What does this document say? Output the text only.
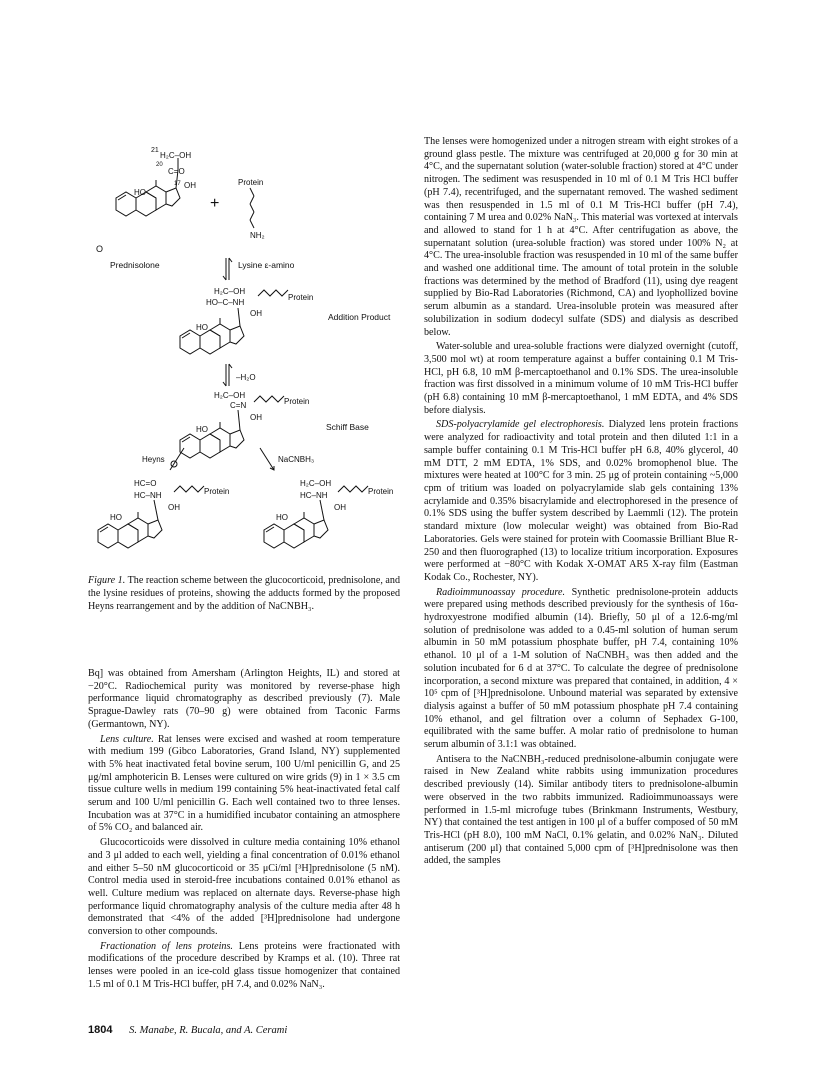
O
21
H₂C–OH
20
C=O
OH
17
HO
+
Protein
NH₂
Prednisolone	Lysine ε-amino
H₂C–OH
HO–C–NH
Protein
OH
HO
Addition Product
–H₂O
H₂C–OH
C=N	Protein
OH
HO	Schiff Base
Heyns	NaCNBH₃
HC=O
HC–NH	Protein
OH
HO
H₂C–OH
HC–NH	Protein
OH
HO
Figure 1. The reaction scheme between the glucocorticoid, prednisolone, and the lysine residues of proteins, showing the adducts formed by the proposed Heyns rearrangement and by the addition of NaCNBH₃.

Bq] was obtained from Amersham (Arlington Heights, IL) and stored at −20°C. Radiochemical purity was monitored by reverse-phase high performance liquid chromatography as described previously (7). Male Sprague-Dawley rats (70–90 g) were obtained from Taconic Farms (Germantown, NY).

Lens culture. Rat lenses were excised and washed at room temperature with medium 199 (Gibco Laboratories, Grand Island, NY) supplemented with 5% heat inactivated fetal bovine serum, 100 U/ml penicillin G, and 25 μg/ml amphotericin B. Lenses were cultured on wire grids (9) in 1 × 3.5 cm tissue culture wells in medium 199 containing 5% heat-inactivated fetal calf serum and 100 U/ml penicillin G. Each well contained two to three lenses. Incubation was at 37°C in a humidified incubator containing an atmosphere of 5% CO₂ and balanced air.

Glucocorticoids were dissolved in culture media containing 10% ethanol and 3 μl added to each well, yielding a final concentration of 0.01% ethanol and either 5–50 nM glucocorticoid or 35 μCi/ml [³H]prednisolone (5 nM). Control media used in steroid-free incubations contained 0.01% ethanol as well. Culture medium was replaced on alternate days. Reverse-phase high performance liquid chromatography analysis of the culture media after 48 h demonstrated that <4% of the added [³H]prednisolone had undergone conversion to other compounds.

Fractionation of lens proteins. Lens proteins were fractionated with modifications of the procedure described by Kramps et al. (10). Three rat lenses were pooled in an ice-cold glass tissue homogenizer that contained 1.5 ml of 0.1 M Tris-HCl buffer, pH 7.4, and 0.02% NaN₃.

The lenses were homogenized under a nitrogen stream with eight strokes of a ground glass pestle. The mixture was centrifuged at 20,000 g for 30 min at 4°C, and the supernatant solution (water-soluble fraction) stored at 4°C under nitrogen. The sediment was resuspended in 10 ml of 0.1 M Tris HCl buffer (pH 7.4), recentrifuged, and the supernatant removed. The washed sediment was then resuspended in 1.5 ml of 0.1 M Tris-HCl buffer (pH 7.4), containing 7 M urea and 0.02% NaN₃. This material was vortexed at intervals and allowed to stand for 1 h at 4°C. After centrifugation as above, the supernatant solution (urea-soluble fraction) was stored under 100% N₂ at 4°C. The urea-insoluble fraction was resuspended in 10 ml of the same buffer and washed one additional time. The amount of total protein in the soluble fractions was determined by the method of Bradford (11), using dye reagent supplied by Bio-Rad Laboratories (Richmond, CA) and lyophollized bovine serum albumin as a standard. Urea-insoluble protein was measured after solubilization in sodium dodecyl sulfate (SDS) and dialysis as described below.

Water-soluble and urea-soluble fractions were dialyzed overnight (cutoff, 3,500 mol wt) at room temperature against a buffer containing 0.1 M Tris-HCl, pH 6.8, 10 mM β-mercaptoethanol and 0.1% SDS. The urea-insoluble fraction was first dissolved in a minimum volume of 10 mM Tris-HCl buffer (pH 6.8) containing 10 mM β-mercaptoethanol, 1 mM EDTA, and 4% SDS before dialysis.

SDS-polyacrylamide gel electrophoresis. Dialyzed lens protein fractions were analyzed for radioactivity and total protein and then diluted 1:1 in a sample buffer containing 0.1 M Tris-HCl buffer pH 6.8, 40% glycerol, 40 mM DTT, 2 mM EDTA, 1% SDS, and 0.02% bromophenol blue. The mixtures were heated at 100°C for 3 min. 25 μg of protein containing ~5,000 cpm of tritium was loaded on polyacrylamide slab gels containing 13% acrylamide and 0.35% bisacrylamide and electrophoresed in the presence of 0.1% SDS using the buffer system described by Laemmli (12). The protein standard mixture (low molecular weight) was obtained from Bio-Rad Laboratories. Gels were stained for protein with Coomassie Brilliant Blue R-250 and then fluorographed (13) to localize tritium incorporation. Exposures were performed at −80°C with Kodak X-OMAT AR5 X-ray film (Eastman Kodak Co., Rochester, NY).

Radioimmunoassay procedure. Synthetic prednisolone-protein adducts were prepared using methods described previously for the synthesis of 16α-hydroxyestrone modified albumin (14). Briefly, 50 μl of a 12.6-mg/ml solution of prednisolone was added to a 0.45-ml solution of human serum albumin in 50 mM potassium phosphate buffer, pH 7.4, containing 10% ethanol. 10 μl of a 1-M solution of NaCNBH₃ was then added and the solution incubated for 6 d at 37°C. To calculate the degree of prednisolone incorporation, a second mixture was prepared that contained, in addition, 4 × 10⁵ cpm of [³H]prednisolone. Unbound material was separated by extensive dialysis against a buffer of 50 mM potassium phosphate pH 7.4 containing 10% ethanol, and gel filtration over a column of Sephadex G-100, equilibrated with the same buffer. A molar ratio of prednisolone to human serum albumin of 3.1:1 was obtained.

Antisera to the NaCNBH₃-reduced prednisolone-albumin conjugate were raised in New Zealand white rabbits using immunization procedures described previously (14). Similar antibody titers to prednisolone-albumin were observed in the two rabbits immunized. Radioimmunoassays were performed in 1.5-ml microfuge tubes (Brinkmann Instruments, Westbury, NY) that contained the test antigen in 100 μl of a buffer composed of 50 mM Tris-HCl (pH 8.0), 100 mM NaCl, 0.1% gelatin, and 0.02% NaN₃. Diluted antiserum (200 μl) that contained 5,000 cpm of [³H]prednisolone was then added, the samples

1804 S. Manabe, R. Bucala, and A. Cerami
